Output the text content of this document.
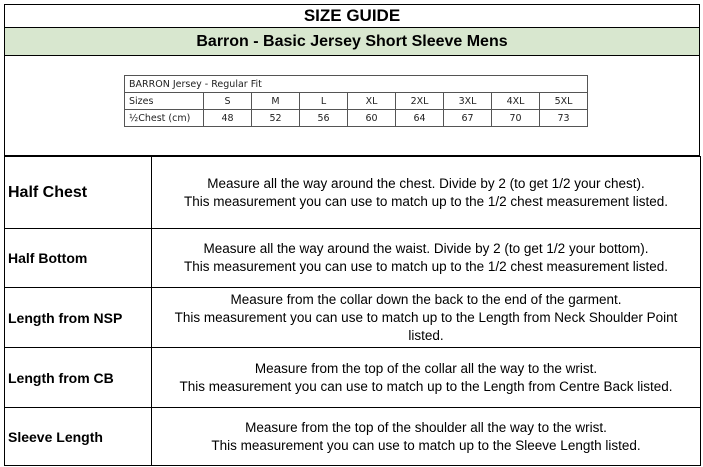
SIZE GUIDE
Barron - Basic Jersey Short Sleeve Mens
BARRON Jersey - Regular Fit								
Sizes	S	M	L	XL	2XL	3XL	4XL	5XL
½Chest (cm)	48	52	56	60	64	67	70	73
Half Chest	Measure all the way around the chest. Divide by 2 (to get 1/2 your chest).
This measurement you can use to match up to the 1/2 chest measurement listed.

Half Bottom	Measure all the way around the waist. Divide by 2 (to get 1/2 your bottom).
This measurement you can use to match up to the 1/2 chest measurement listed.

Length from NSP	Measure from the collar down the back to the end of the garment.
This measurement you can use to match up to the Length from Neck Shoulder Point listed.

Length from CB	Measure from the top of the collar all the way to the wrist.
This measurement you can use to match up to the Length from Centre Back listed.

Sleeve Length	Measure from the top of the shoulder all the way to the wrist.
This measurement you can use to match up to the Sleeve Length listed.
